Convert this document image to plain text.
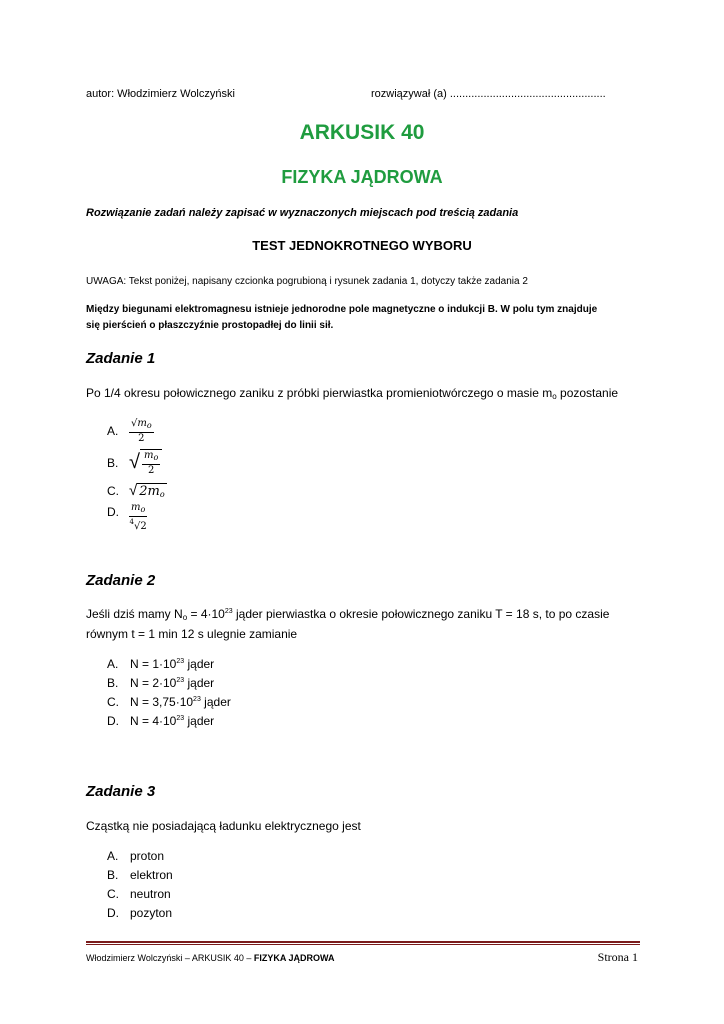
autor: Włodzimierz Wolczyński	rozwiązywał (a) ...................................................
ARKUSIK 40
FIZYKA JĄDROWA
Rozwiązanie zadań należy zapisać w wyznaczonych miejscach pod treścią zadania
TEST JEDNOKROTNEGO WYBORU
UWAGA: Tekst poniżej, napisany czcionka pogrubioną i rysunek zadania 1, dotyczy także zadania 2
Między biegunami elektromagnesu istnieje jednorodne pole magnetyczne o indukcji B. W polu tym znajduje
się pierścień o płaszczyźnie prostopadłej do linii sił.
Zadanie 1
Po 1/4 okresu połowicznego zaniku z próbki pierwiastka promieniotwórczego o masie $m_o$ pozostanie
A.	$\frac{√m_o}{2}$
B. √ $\frac{m_o}{2}$
C. √ $2m_o$
D.	$\frac{m_o}{^4√2}$
Zadanie 2
Jeśli dziś mamy $N_o = 4\cdot 10^{23}$ jąder pierwiastka o okresie połowicznego zaniku T = 18 s, to po czasie
równym t = 1 min 12 s ulegnie zamianie
A. $N = 1\cdot 10^{23}$ jąder
B. $N = 2\cdot 10^{23}$ jąder
C. $N = 3,75\cdot 10^{23}$ jąder
D. $N = 4\cdot 10^{23}$ jąder
Zadanie 3
Cząstką nie posiadającą ładunku elektrycznego jest
A. proton
B. elektron
C. neutron
D. pozyton
Włodzimierz Wolczyński – ARKUSIK 40 – FIZYKA JĄDROWA	Strona 1
